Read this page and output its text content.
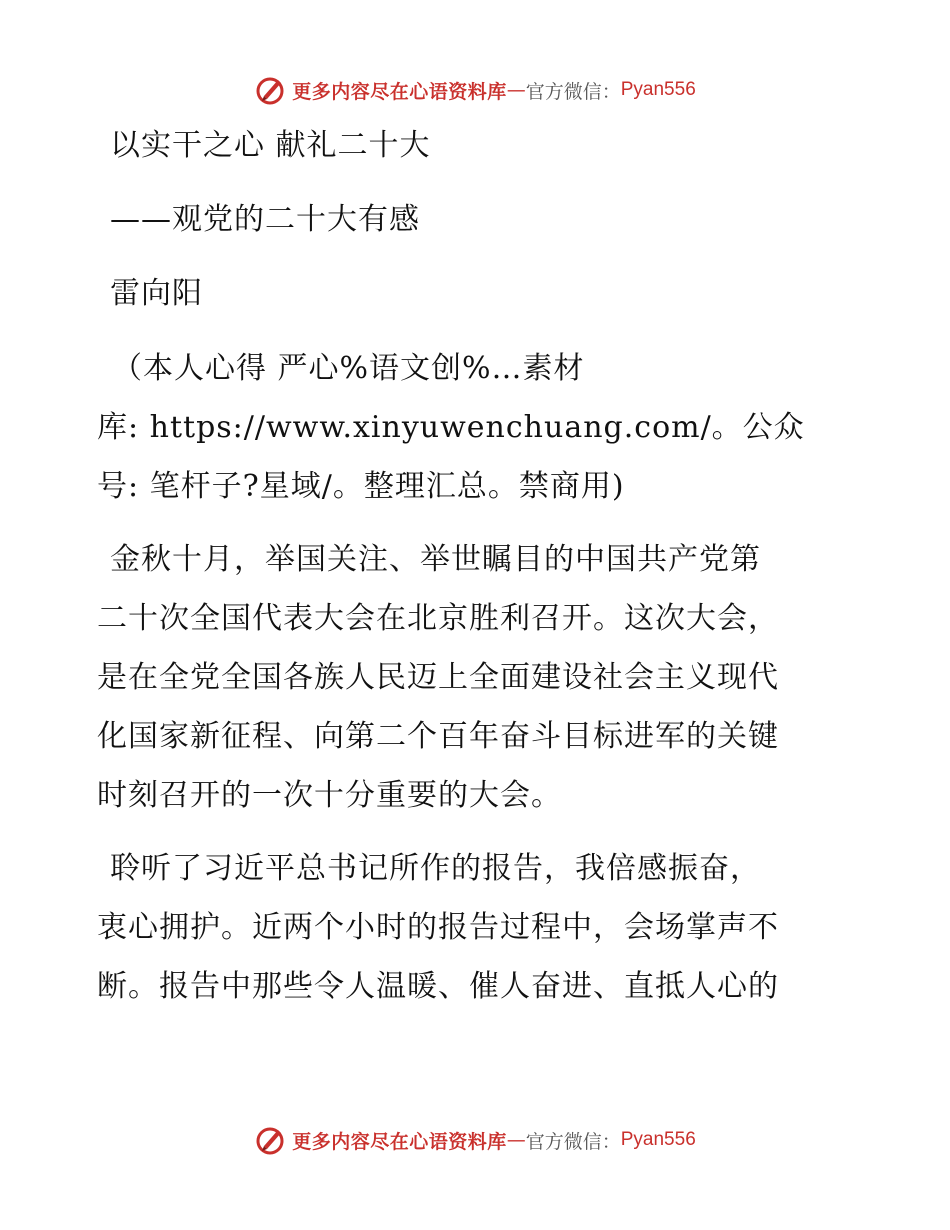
更多内容尽在心语资料库 — 官方微信： Pyan556
以实干之心 献礼二十大
——观党的二十大有感
雷向阳
（本人心得 严心%语文创%…素材
库: https://www.xinyuwenchuang.com/。公众
号: 笔杆子?星域/。整理汇总。禁商用)
金秋十月，举国关注、举世瞩目的中国共产党第
二十次全国代表大会在北京胜利召开。这次大会，
是在全党全国各族人民迈上全面建设社会主义现代
化国家新征程、向第二个百年奋斗目标进军的关键
时刻召开的一次十分重要的大会。
聆听了习近平总书记所作的报告，我倍感振奋，
衷心拥护。近两个小时的报告过程中，会场掌声不
断。报告中那些令人温暖、催人奋进、直抵人心的
更多内容尽在心语资料库 — 官方微信： Pyan556
